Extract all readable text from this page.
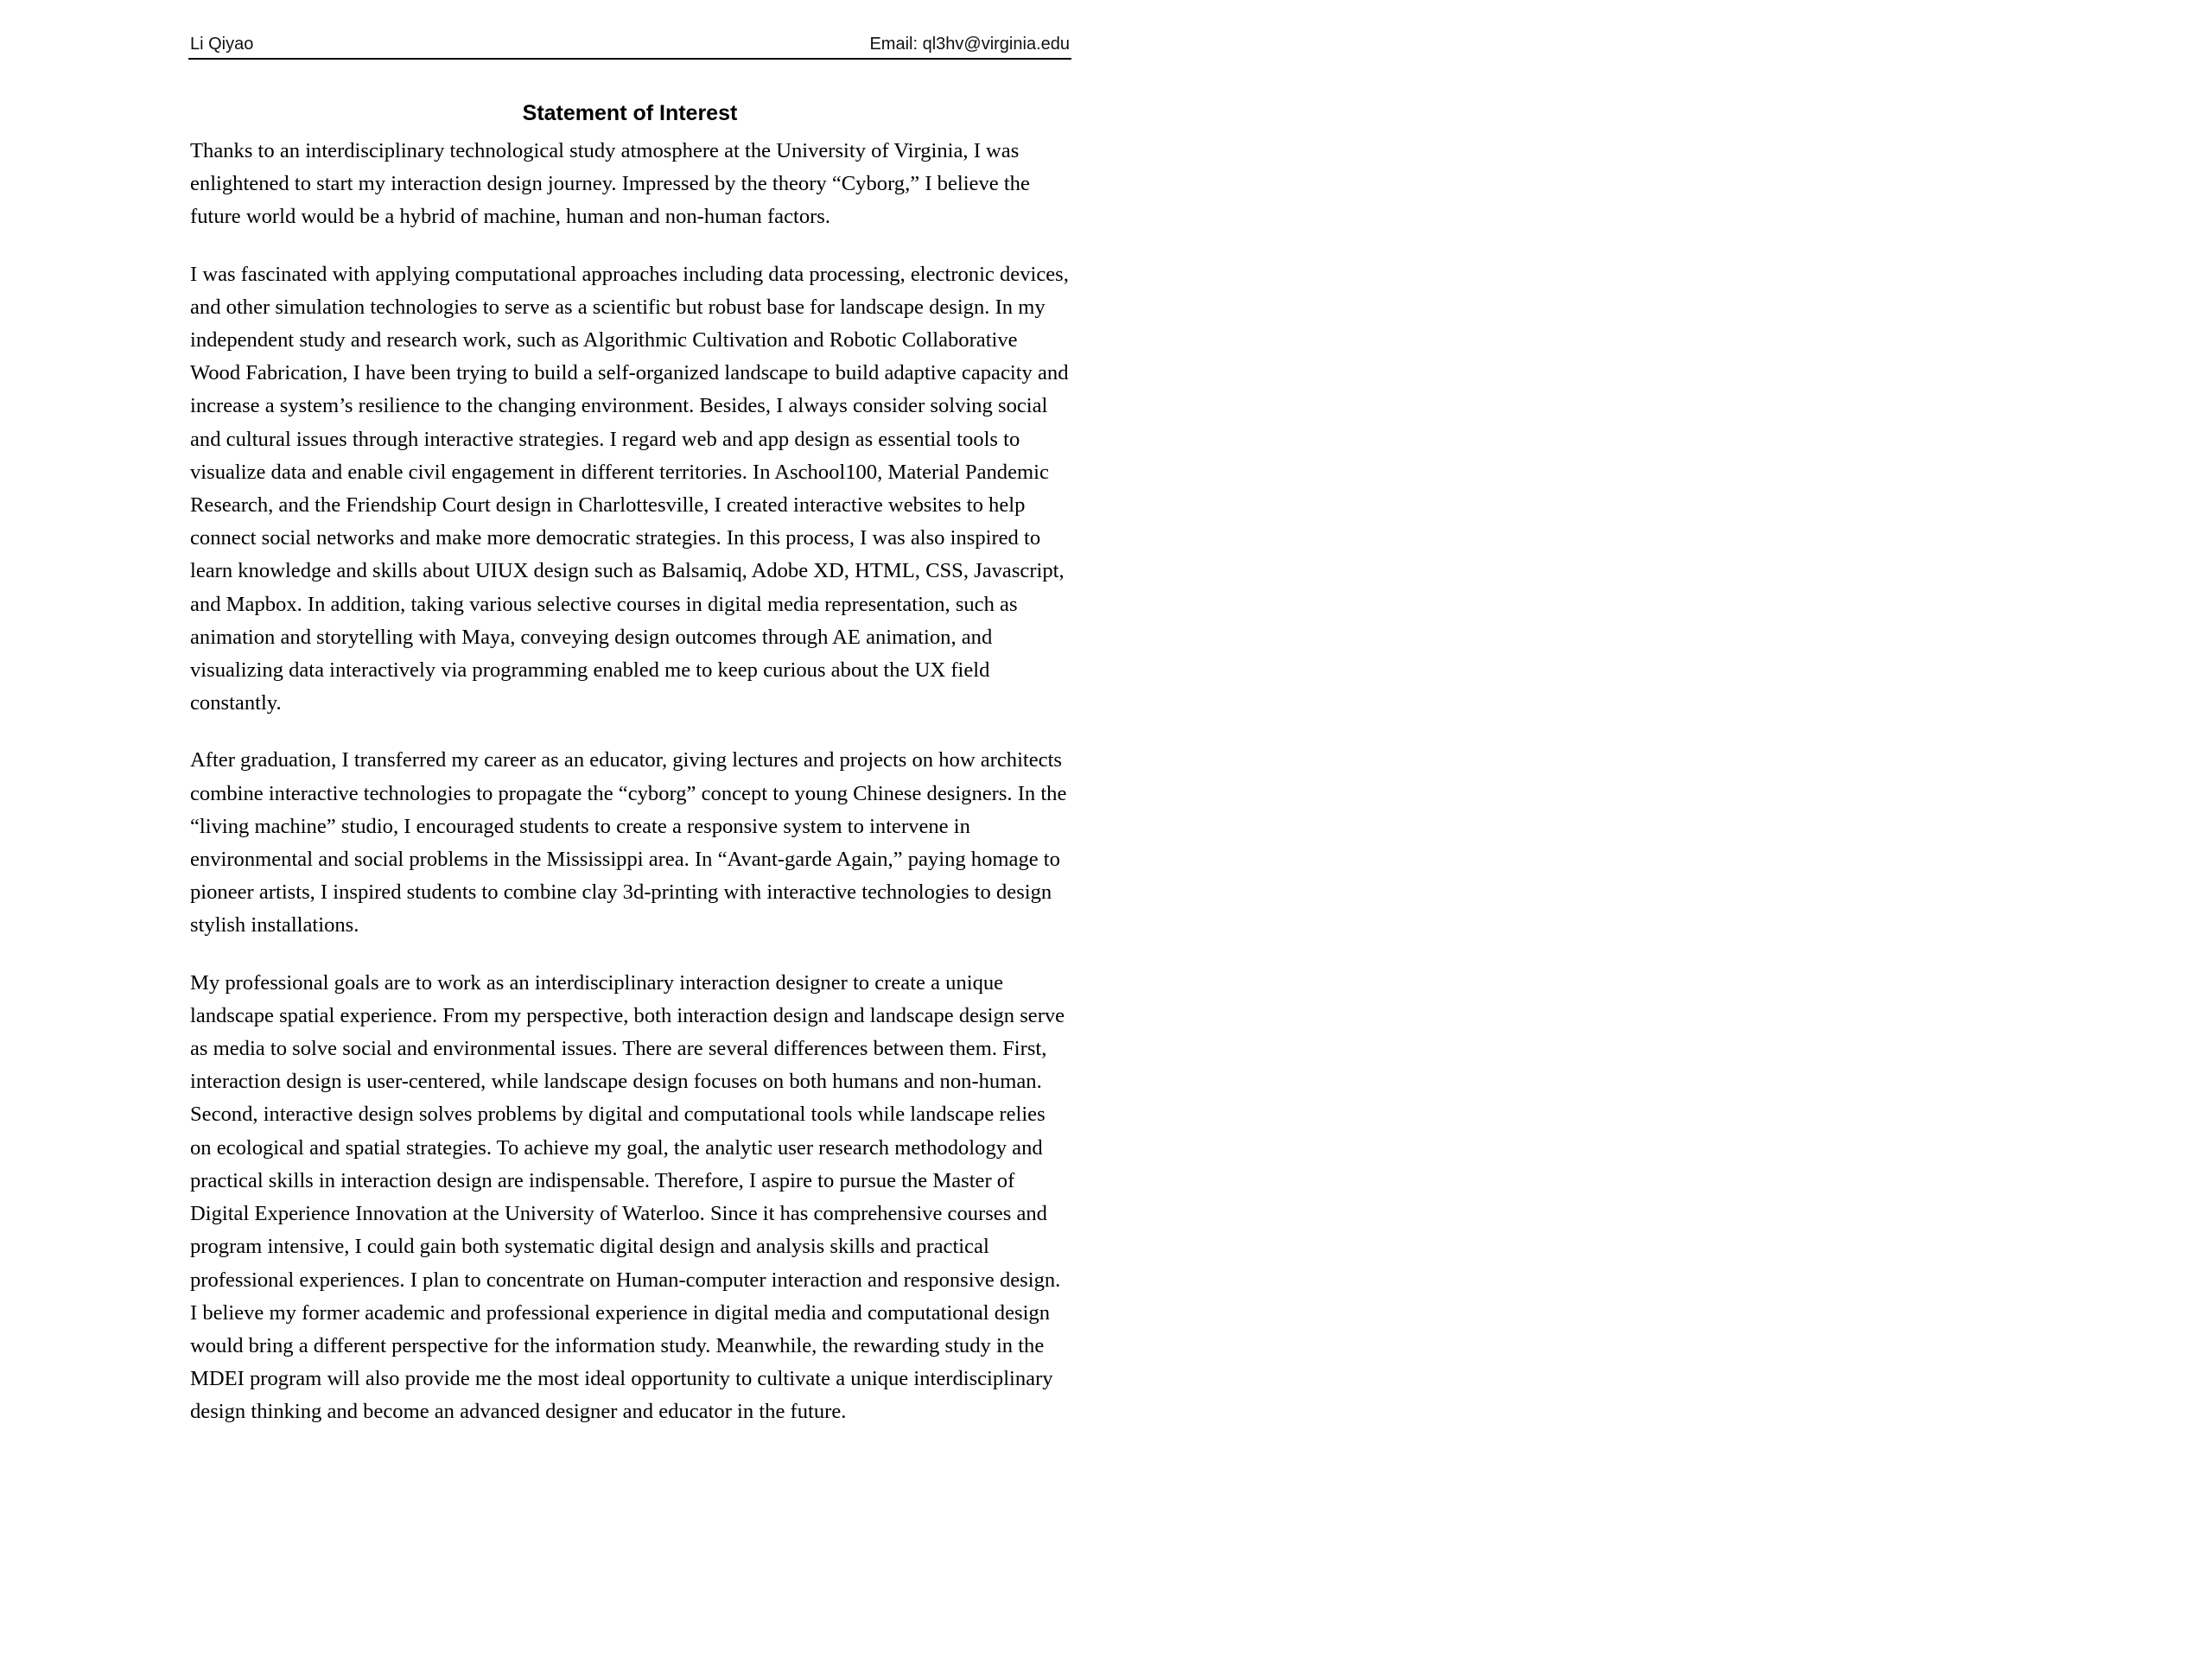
Li Qiyao	Email: ql3hv@virginia.edu
Statement of Interest

Thanks to an interdisciplinary technological study atmosphere at the University of Virginia, I was enlightened to start my interaction design journey. Impressed by the theory “Cyborg,” I believe the future world would be a hybrid of machine, human and non-human factors.

I was fascinated with applying computational approaches including data processing, electronic devices, and other simulation technologies to serve as a scientific but robust base for landscape design. In my independent study and research work, such as Algorithmic Cultivation and Robotic Collaborative Wood Fabrication, I have been trying to build a self-organized landscape to build adaptive capacity and increase a system’s resilience to the changing environment. Besides, I always consider solving social and cultural issues through interactive strategies. I regard web and app design as essential tools to visualize data and enable civil engagement in different territories. In Aschool100, Material Pandemic Research, and the Friendship Court design in Charlottesville, I created interactive websites to help connect social networks and make more democratic strategies. In this process, I was also inspired to learn knowledge and skills about UIUX design such as Balsamiq, Adobe XD, HTML, CSS, Javascript, and Mapbox. In addition, taking various selective courses in digital media representation, such as animation and storytelling with Maya, conveying design outcomes through AE animation, and visualizing data interactively via programming enabled me to keep curious about the UX field constantly.

After graduation, I transferred my career as an educator, giving lectures and projects on how architects combine interactive technologies to propagate the “cyborg” concept to young Chinese designers. In the “living machine” studio, I encouraged students to create a responsive system to intervene in environmental and social problems in the Mississippi area. In “Avant-garde Again,” paying homage to pioneer artists, I inspired students to combine clay 3d-printing with interactive technologies to design stylish installations.

My professional goals are to work as an interdisciplinary interaction designer to create a unique landscape spatial experience. From my perspective, both interaction design and landscape design serve as media to solve social and environmental issues. There are several differences between them. First, interaction design is user-centered, while landscape design focuses on both humans and non-human. Second, interactive design solves problems by digital and computational tools while landscape relies on ecological and spatial strategies. To achieve my goal, the analytic user research methodology and practical skills in interaction design are indispensable. Therefore, I aspire to pursue the Master of Digital Experience Innovation at the University of Waterloo. Since it has comprehensive courses and program intensive, I could gain both systematic digital design and analysis skills and practical professional experiences. I plan to concentrate on Human-computer interaction and responsive design. I believe my former academic and professional experience in digital media and computational design would bring a different perspective for the information study. Meanwhile, the rewarding study in the MDEI program will also provide me the most ideal opportunity to cultivate a unique interdisciplinary design thinking and become an advanced designer and educator in the future.
